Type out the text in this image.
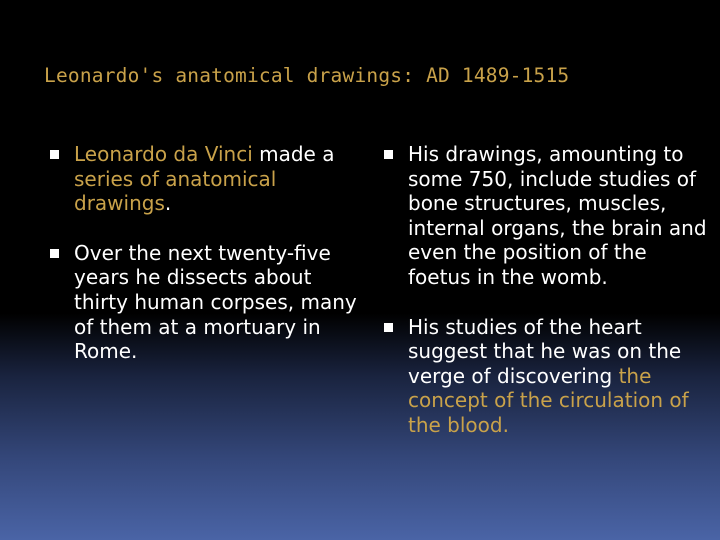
Leonardo's anatomical drawings: AD 1489-1515
Leonardo da Vinci made a series of anatomical drawings.
Over the next twenty-five years he dissects about thirty human corpses, many of them at a mortuary in Rome.
His drawings, amounting to some 750, include studies of bone structures, muscles, internal organs, the brain and even the position of the foetus in the womb.
His studies of the heart suggest that he was on the verge of discovering the concept of the circulation of the blood.
